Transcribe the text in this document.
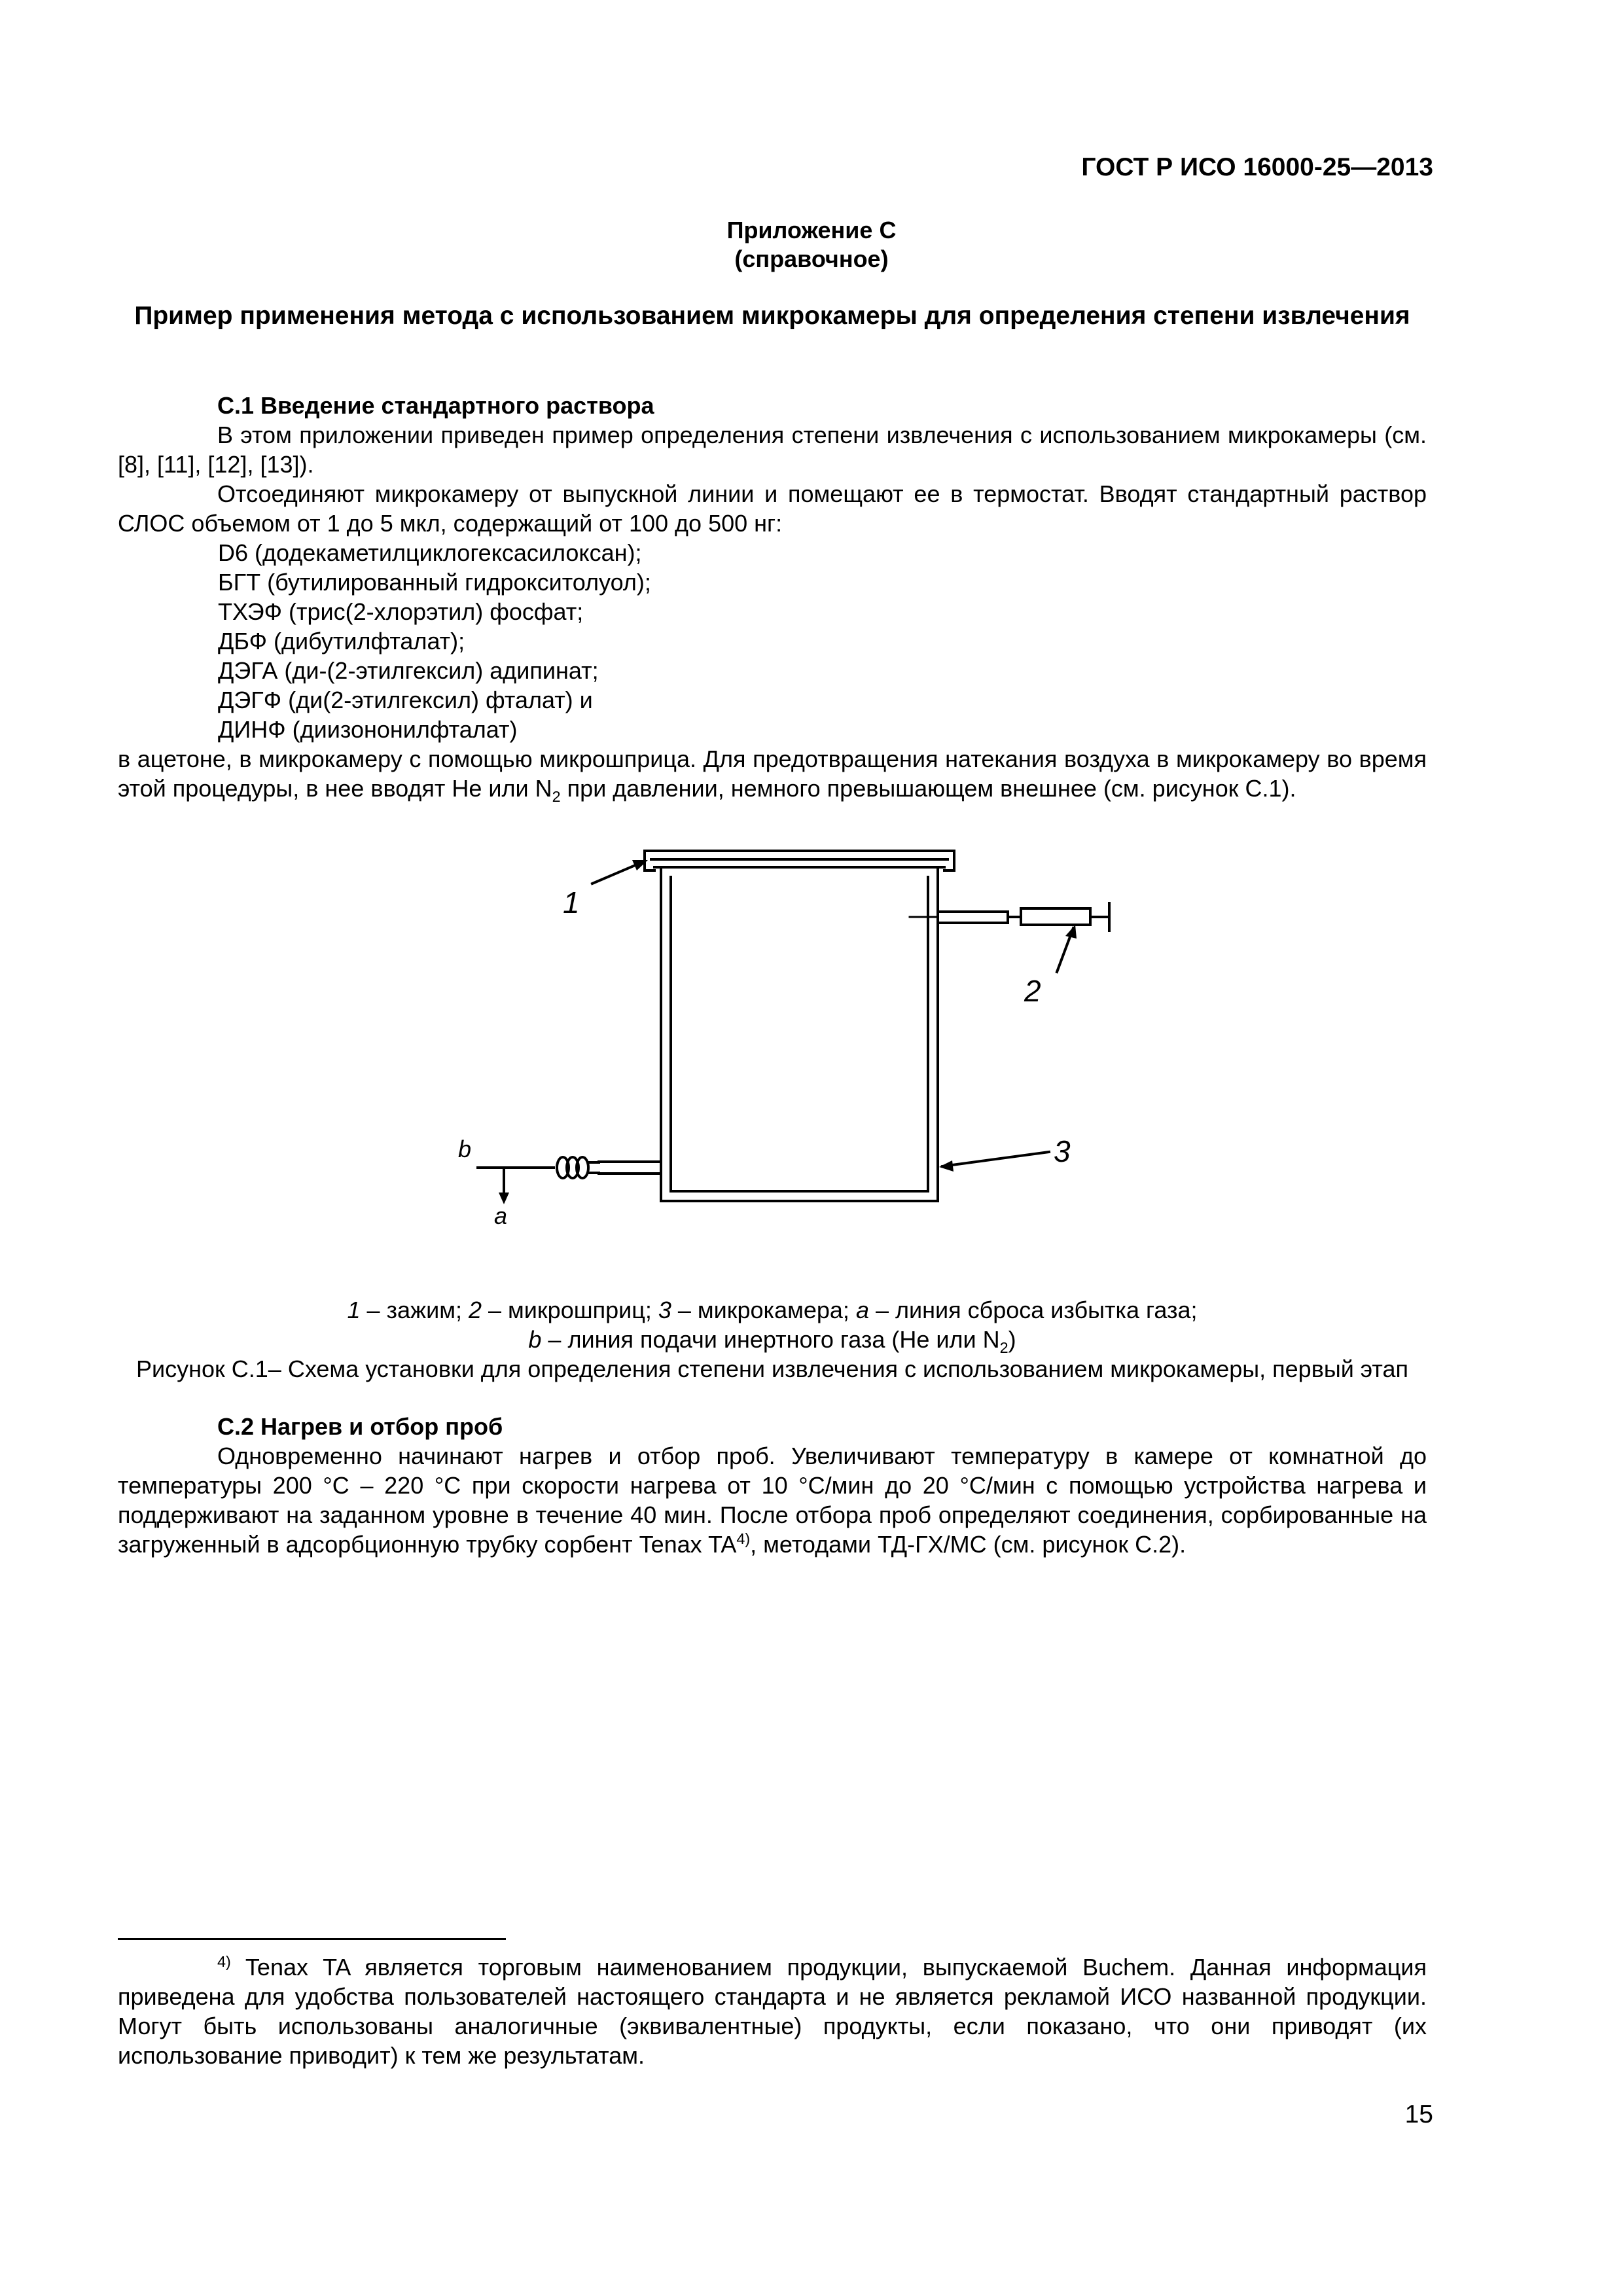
ГОСТ Р ИСО 16000-25—2013
Приложение С
(справочное)
Пример применения метода с использованием микрокамеры для определения степени извлечения

С.1 Введение стандартного раствора

В этом приложении приведен пример определения степени извлечения с использованием микрокамеры (см. [8], [11], [12], [13]).

Отсоединяют микрокамеру от выпускной линии и помещают ее в термостат. Вводят стандартный раствор СЛОС объемом от 1 до 5 мкл, содержащий от 100 до 500 нг:

D6 (додекаметилциклогексасилоксан);

БГТ (бутилированный гидрокситолуол);

ТХЭФ (трис(2-хлорэтил) фосфат;

ДБФ (дибутилфталат);

ДЭГА (ди-(2-этилгексил) адипинат;

ДЭГФ (ди(2-этилгексил) фталат) и

ДИНФ (диизононилфталат)

в ацетоне, в микрокамеру с помощью микрошприца. Для предотвращения натекания воздуха в микрокамеру во время этой процедуры, в нее вводят He или $N_2$ при давлении, немного превышающем внешнее (см. рисунок С.1).

1
2
3
b
a
1 – зажим; 2 – микрошприц; 3 – микрокамера; a – линия сброса избытка газа;
b – линия подачи инертного газа (He или $N_2$)
Рисунок С.1– Схема установки для определения степени извлечения с использованием микрокамеры, первый этап

С.2 Нагрев и отбор проб

Одновременно начинают нагрев и отбор проб. Увеличивают температуру в камере от комнатной до температуры 200 °С – 220 °С при скорости нагрева от 10 °С/мин до 20 °С/мин с помощью устройства нагрева и поддерживают на заданном уровне в течение 40 мин. После отбора проб определяют соединения, сорбированные на загруженный в адсорбционную трубку сорбент Tenax TA$^{4)}$, методами ТД-ГХ/МС (см. рисунок С.2).

$^{4)}$ Tenax TA является торговым наименованием продукции, выпускаемой Buchem. Данная информация приведена для удобства пользователей настоящего стандарта и не является рекламой ИСО названной продукции. Могут быть использованы аналогичные (эквивалентные) продукты, если показано, что они приводят (их использование приводит) к тем же результатам.

15
